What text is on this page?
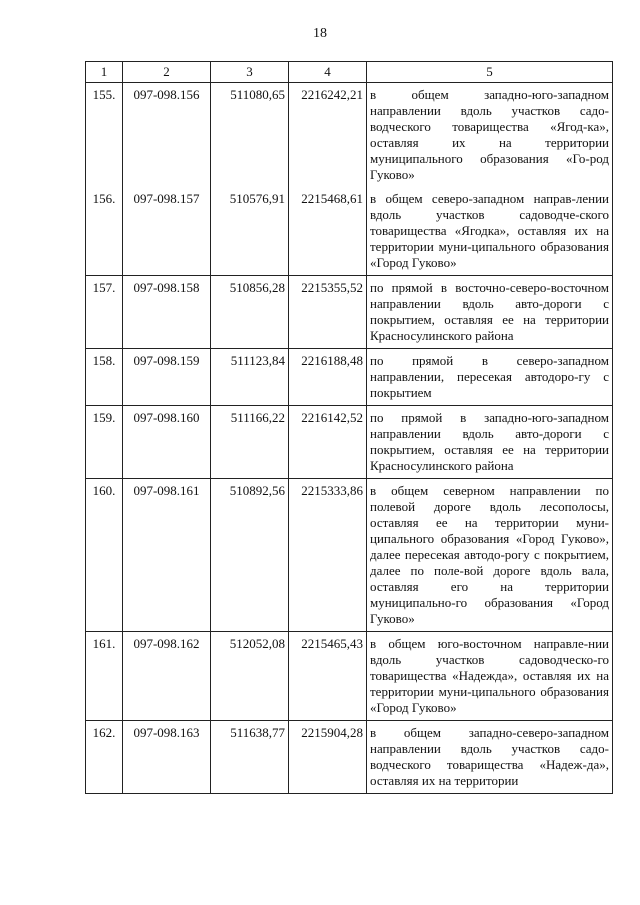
18
1	2	3	4	5
155.	097-098.156	511080,65	2216242,21	в общем западно-юго-западном направлении вдоль участков садо-водческого товарищества «Ягод-ка», оставляя их на территории муниципального образования «Го-род Гуково»
156.	097-098.157	510576,91	2215468,61	в общем северо-западном направ-лении вдоль участков садоводче-ского товарищества «Ягодка», оставляя их на территории муни-ципального образования «Город Гуково»
157.	097-098.158	510856,28	2215355,52	по прямой в восточно-северо-восточном направлении вдоль авто-дороги с покрытием, оставляя ее на территории Красносулинского района
158.	097-098.159	511123,84	2216188,48	по прямой в северо-западном направлении, пересекая автодоро-гу с покрытием
159.	097-098.160	511166,22	2216142,52	по прямой в западно-юго-западном направлении вдоль авто-дороги с покрытием, оставляя ее на территории Красносулинского района
160.	097-098.161	510892,56	2215333,86	в общем северном направлении по полевой дороге вдоль лесополосы, оставляя ее на территории муни-ципального образования «Город Гуково», далее пересекая автодо-рогу с покрытием, далее по поле-вой дороге вдоль вала, оставляя его на территории муниципально-го образования «Город Гуково»
161.	097-098.162	512052,08	2215465,43	в общем юго-восточном направле-нии вдоль участков садоводческо-го товарищества «Надежда», оставляя их на территории муни-ципального образования «Город Гуково»
162.	097-098.163	511638,77	2215904,28	в общем западно-северо-западном направлении вдоль участков садо-водческого товарищества «Надеж-да», оставляя их на территории
